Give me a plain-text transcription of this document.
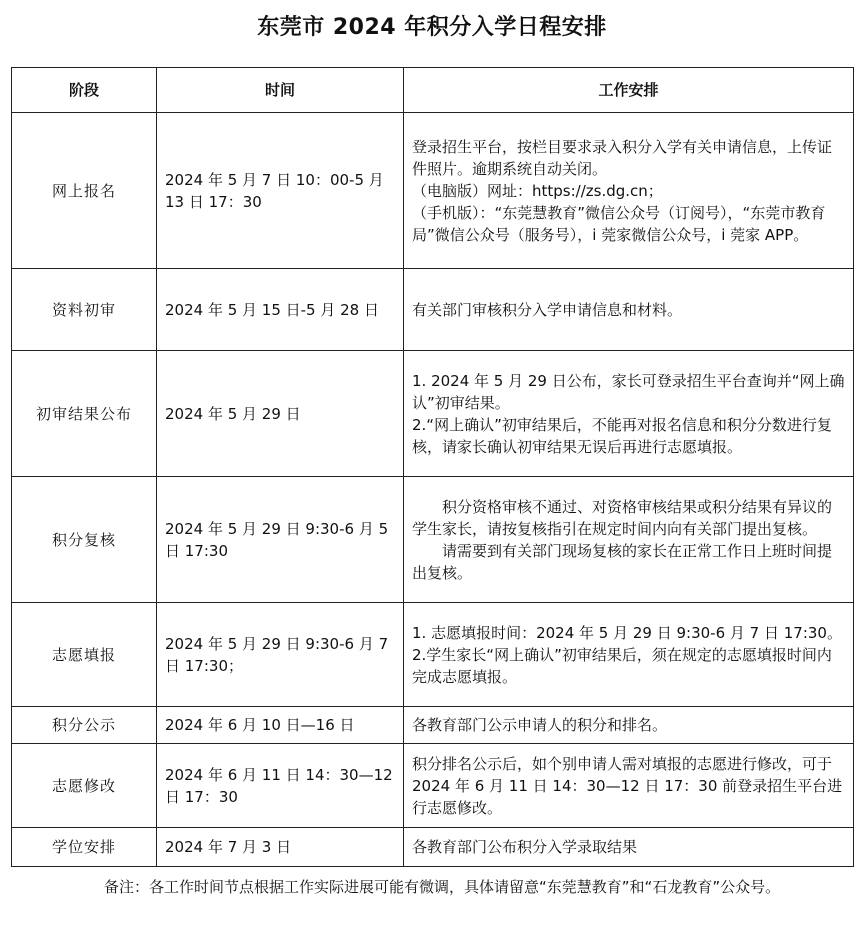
东莞市 2024 年积分入学日程安排
阶段	时间	工作安排
网上报名	2024 年 5 月 7 日 10：00-5 月 13 日 17：30	登录招生平台，按栏目要求录入积分入学有关申请信息，上传证件照片。逾期系统自动关闭。
（电脑版）网址：https://zs.dg.cn；
（手机版）：“东莞慧教育”微信公众号（订阅号），“东莞市教育局”微信公众号（服务号），i 莞家微信公众号，i 莞家 APP。

资料初审	2024 年 5 月 15 日-5 月 28 日	有关部门审核积分入学申请信息和材料。

初审结果公布	2024 年 5 月 29 日	1. 2024 年 5 月 29 日公布，家长可登录招生平台查询并“网上确认”初审结果。
2.“网上确认”初审结果后，不能再对报名信息和积分分数进行复核，请家长确认初审结果无误后再进行志愿填报。

积分复核	2024 年 5 月 29 日 9:30-6 月 5 日 17:30	积分资格审核不通过、对资格审核结果或积分结果有异议的学生家长，请按复核指引在规定时间内向有关部门提出复核。
请需要到有关部门现场复核的家长在正常工作日上班时间提出复核。

志愿填报	2024 年 5 月 29 日 9:30-6 月 7 日 17:30；	1. 志愿填报时间：2024 年 5 月 29 日 9:30-6 月 7 日 17:30。
2.学生家长“网上确认”初审结果后，须在规定的志愿填报时间内完成志愿填报。

积分公示	2024 年 6 月 10 日—16 日	各教育部门公示申请人的积分和排名。

志愿修改	2024 年 6 月 11 日 14：30—12 日 17：30	积分排名公示后，如个别申请人需对填报的志愿进行修改，可于 2024 年 6 月 11 日 14：30—12 日 17：30 前登录招生平台进行志愿修改。

学位安排	2024 年 7 月 3 日	各教育部门公布积分入学录取结果
备注：各工作时间节点根据工作实际进展可能有微调，具体请留意“东莞慧教育”和“石龙教育”公众号。
